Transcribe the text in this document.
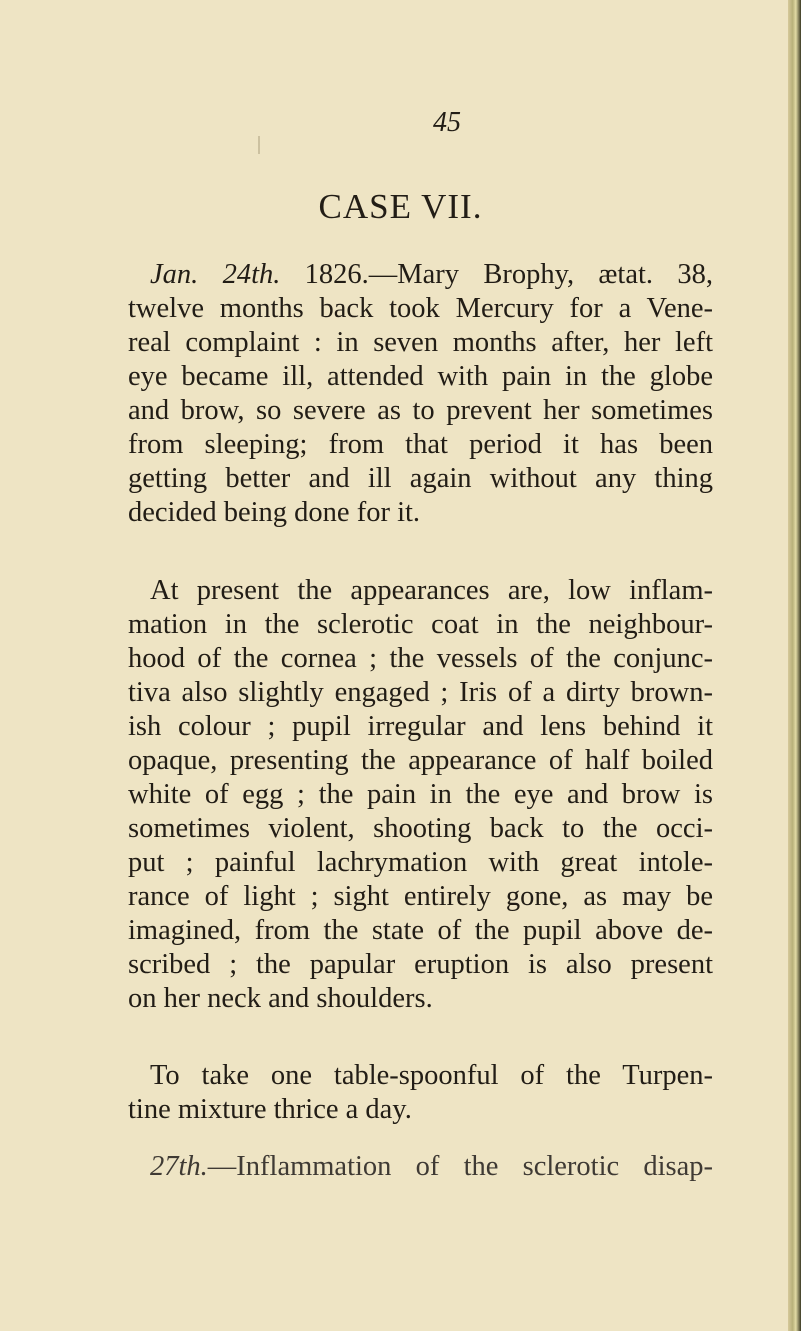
45
CASE VII.
Jan. 24th. 1826.—Mary Brophy, ætat. 38,
twelve months back took Mercury for a Vene-
real complaint : in seven months after, her left
eye became ill, attended with pain in the globe
and brow, so severe as to prevent her sometimes
from sleeping; from that period it has been
getting better and ill again without any thing
decided being done for it.
At present the appearances are, low inflam-
mation in the sclerotic coat in the neighbour-
hood of the cornea ; the vessels of the conjunc-
tiva also slightly engaged ; Iris of a dirty brown-
ish colour ; pupil irregular and lens behind it
opaque, presenting the appearance of half boiled
white of egg ; the pain in the eye and brow is
sometimes violent, shooting back to the occi-
put ; painful lachrymation with great intole-
rance of light ; sight entirely gone, as may be
imagined, from the state of the pupil above de-
scribed ; the papular eruption is also present
on her neck and shoulders.
To take one table-spoonful of the Turpen-
tine mixture thrice a day.
27th.—Inflammation of the sclerotic disap-
